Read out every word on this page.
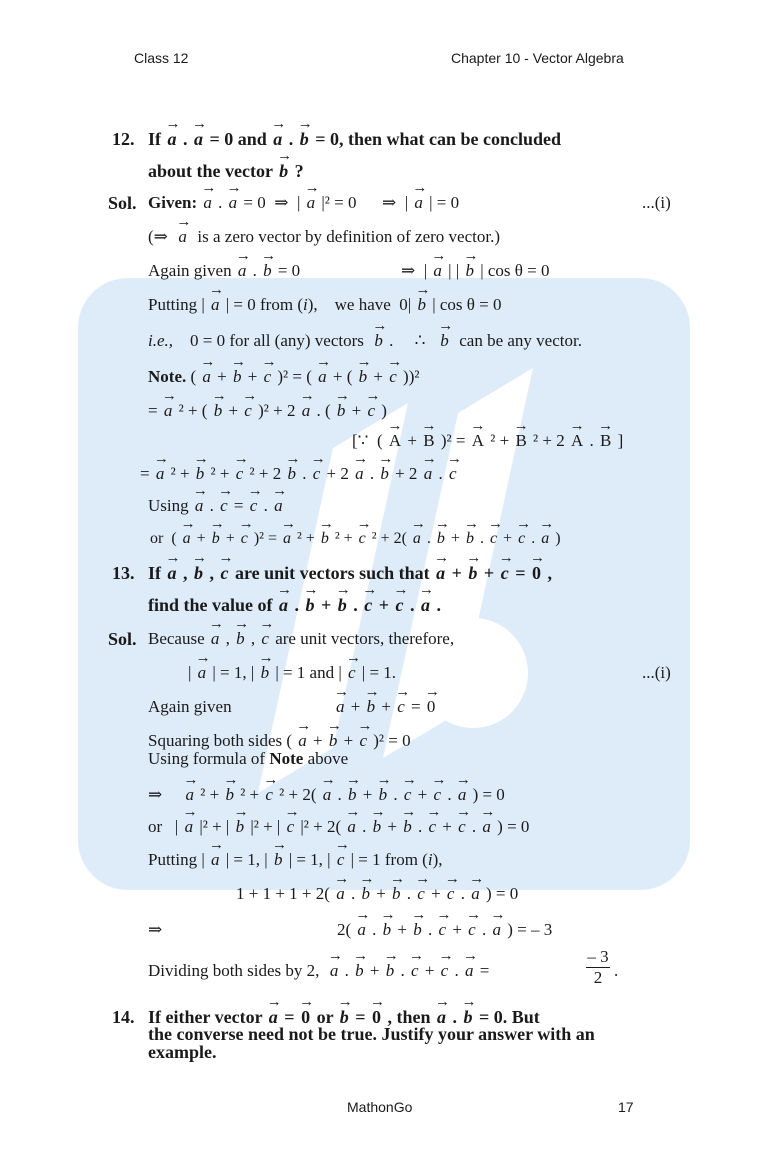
Class 12	Chapter 10 - Vector Algebra
12. If → a . → a = 0 and → a . → b = 0, then what can be concluded
about the vector → b ?
Sol. Given: → a . → a = 0  ⇒  | → a |² = 0      ⇒  | → a | = 0	...(i)
(⇒  → a  is a zero vector by definition of zero vector.)
Again given → a . → b = 0	⇒  | → a | | → b | cos θ = 0
Putting | → a | = 0 from (i),    we have  0| → b | cos θ = 0
i.e.,    0 = 0 for all (any) vectors  → b .     ∴   → b  can be any vector.
Note. ( → a + → b + → c )² = ( → a + ( → b + → c ))²
= → a ² + ( → b + → c )² + 2 → a . ( → b + → c )
[∵  ( → A + → B )² = → A ² + → B ² + 2 → A . → B ]
= → a ² + → b ² + → c ² + 2 → b . → c + 2 → a . → b + 2 → a . → c
Using → a . → c = → c . → a
or  ( → a + → b + → c )² = → a ² + → b ² + → c ² + 2( → a . → b + → b . → c + → c . → a )
13. If → a , → b , → c are unit vectors such that → a + → b + → c = → 0 ,
find the value of → a . → b + → b . → c + → c . → a .
Sol. Because → a , → b , → c are unit vectors, therefore,
| → a | = 1, | → b | = 1 and | → c | = 1.	...(i)
Again given	→ a + → b + → c = → 0
Squaring both sides ( → a + → b + → c )² = 0
Using formula of Note above
⇒     → a ² + → b ² + → c ² + 2( → a . → b + → b . → c + → c . → a ) = 0
or   | → a |² + | → b |² + | → c |² + 2( → a . → b + → b . → c + → c . → a ) = 0
Putting | → a | = 1, | → b | = 1, | → c | = 1 from (i),
1 + 1 + 1 + 2( → a . → b + → b . → c + → c . → a ) = 0
⇒	2( → a . → b + → b . → c + → c . → a ) = – 3
Dividing both sides by 2,  → a . → b + → b . → c + → c . → a =	$\frac{- 3}{2}$ .
14. If either vector → a = → 0 or → b = → 0 , then → a . → b = 0. But
the converse need not be true. Justify your answer with an
example.
MathonGo	17
